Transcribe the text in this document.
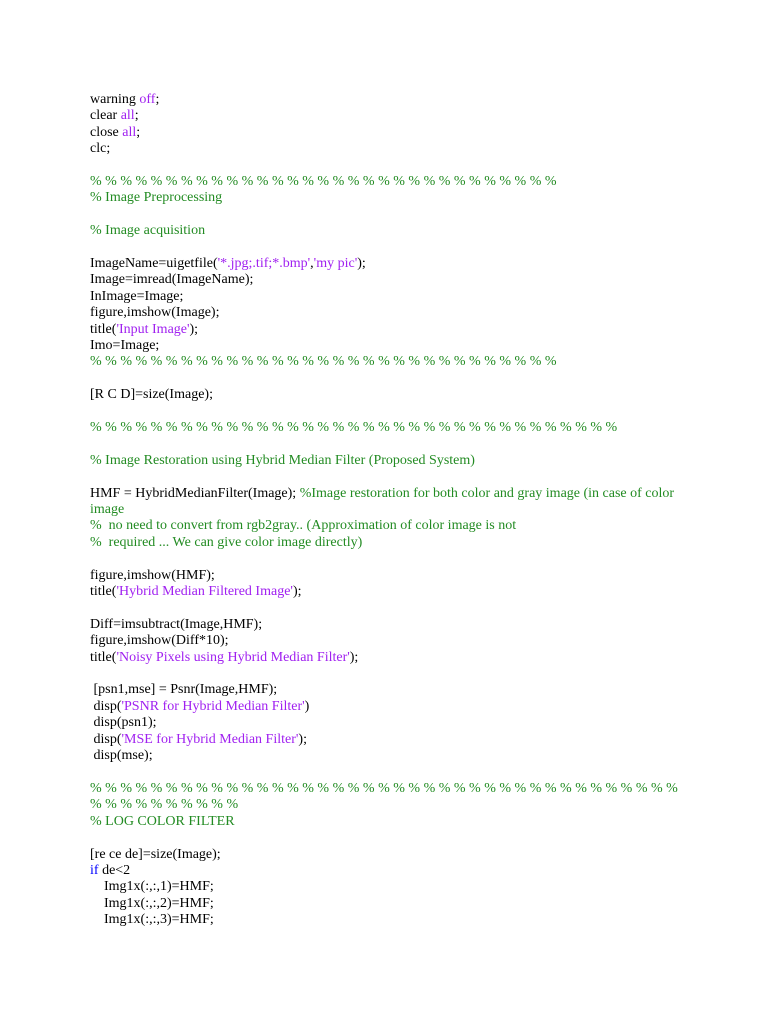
warning off;
clear all;
close all;
clc;
% % % % % % % % % % % % % % % % % % % % % % % % % % % % % % %
% Image Preprocessing
% Image acquisition
ImageName=uigetfile('*.jpg;.tif;*.bmp','my pic');
Image=imread(ImageName);
InImage=Image;
figure,imshow(Image);
title('Input Image');
Imo=Image;
% % % % % % % % % % % % % % % % % % % % % % % % % % % % % % %
[R C D]=size(Image);
% % % % % % % % % % % % % % % % % % % % % % % % % % % % % % % % % % %
% Image Restoration using Hybrid Median Filter (Proposed System)
HMF = HybridMedianFilter(Image); %Image restoration for both color and gray image (in case of color image
%  no need to convert from rgb2gray.. (Approximation of color image is not
%  required ... We can give color image directly)
figure,imshow(HMF);
title('Hybrid Median Filtered Image');
Diff=imsubtract(Image,HMF);
figure,imshow(Diff*10);
title('Noisy Pixels using Hybrid Median Filter');
[psn1,mse] = Psnr(Image,HMF);
disp('PSNR for Hybrid Median Filter')
disp(psn1);
disp('MSE for Hybrid Median Filter');
disp(mse);
% % % % % % % % % % % % % % % % % % % % % % % % % % % % % % % % % % % % % % % % % % % % % % % % %
% LOG COLOR FILTER
[re ce de]=size(Image);
if de<2
Img1x(:,:,1)=HMF;
Img1x(:,:,2)=HMF;
Img1x(:,:,3)=HMF;
